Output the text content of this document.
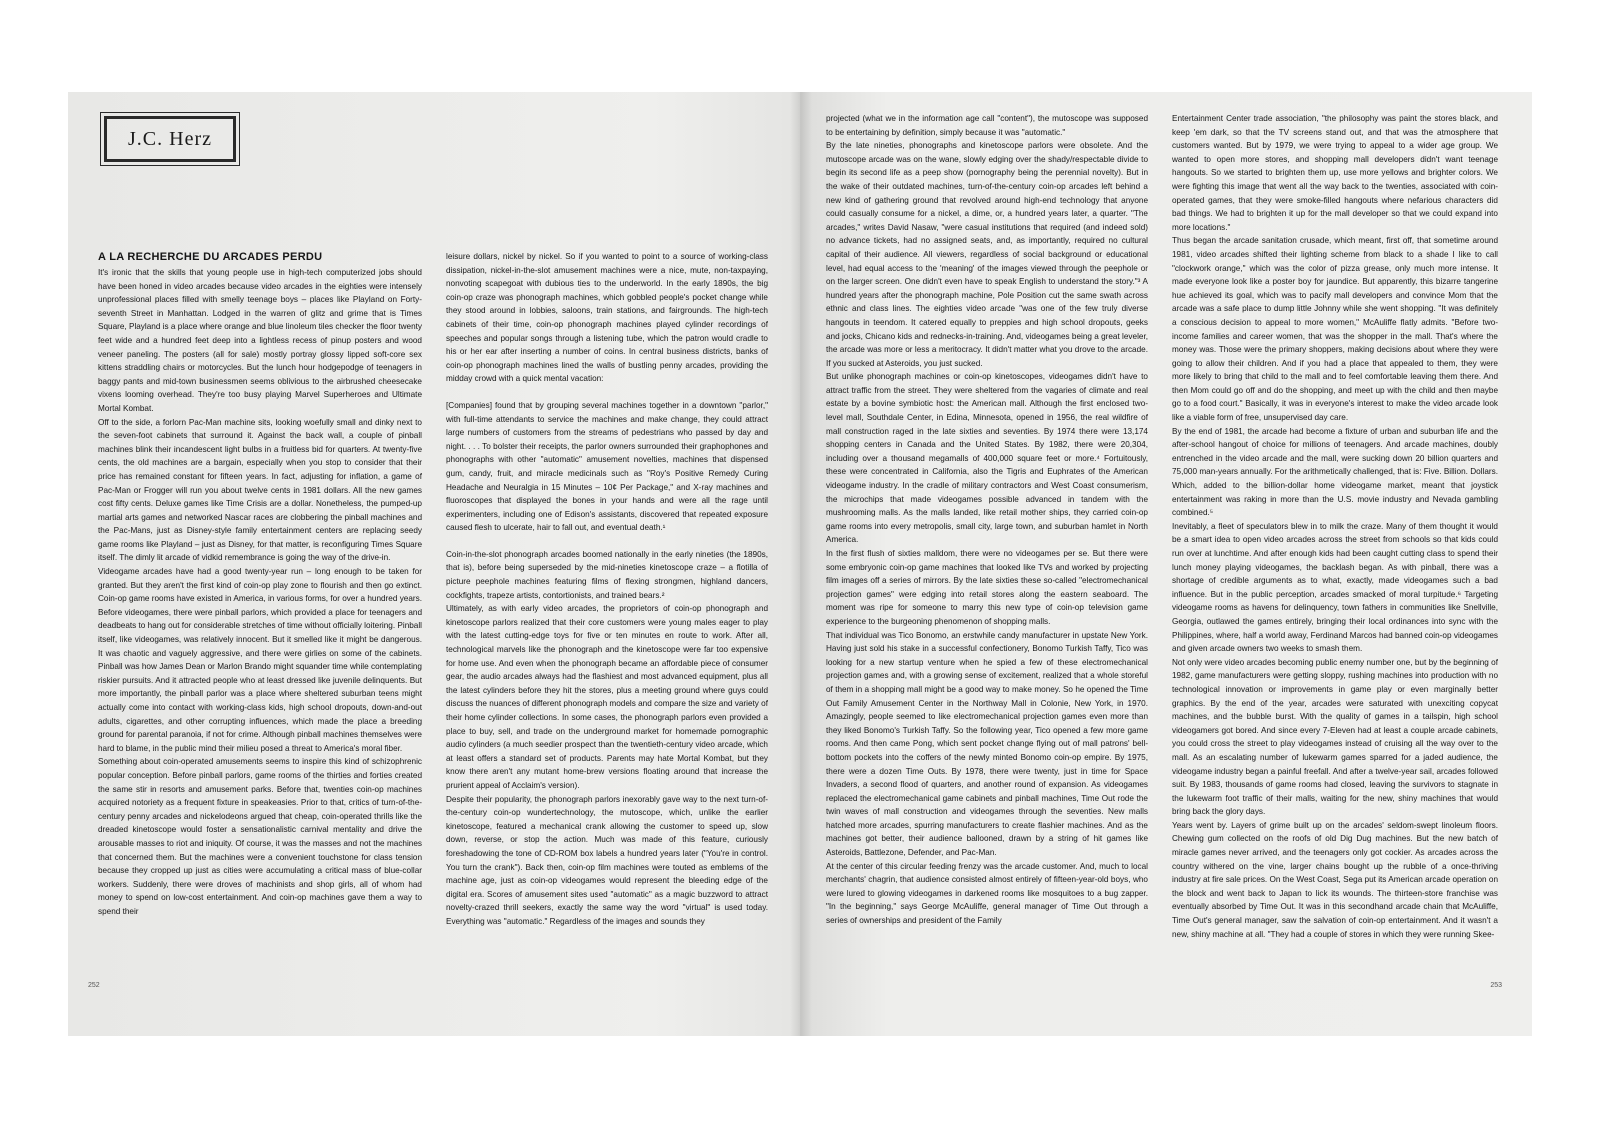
J.C. Herz
A LA RECHERCHE DU ARCADES PERDU

It's ironic that the skills that young people use in high-tech computerized jobs should have been honed in video arcades because video arcades in the eighties were intensely unprofessional places filled with smelly teenage boys – places like Playland on Forty-seventh Street in Manhattan. Lodged in the warren of glitz and grime that is Times Square, Playland is a place where orange and blue linoleum tiles checker the floor twenty feet wide and a hundred feet deep into a lightless recess of pinup posters and wood veneer paneling. The posters (all for sale) mostly portray glossy lipped soft-core sex kittens straddling chairs or motorcycles. But the lunch hour hodgepodge of teenagers in baggy pants and mid-town businessmen seems oblivious to the airbrushed cheesecake vixens looming overhead. They're too busy playing Marvel Superheroes and Ultimate Mortal Kombat.

Off to the side, a forlorn Pac-Man machine sits, looking woefully small and dinky next to the seven-foot cabinets that surround it. Against the back wall, a couple of pinball machines blink their incandescent light bulbs in a fruitless bid for quarters. At twenty-five cents, the old machines are a bargain, especially when you stop to consider that their price has remained constant for fifteen years. In fact, adjusting for inflation, a game of Pac-Man or Frogger will run you about twelve cents in 1981 dollars. All the new games cost fifty cents. Deluxe games like Time Crisis are a dollar. Nonetheless, the pumped-up martial arts games and networked Nascar races are clobbering the pinball machines and the Pac-Mans, just as Disney-style family entertainment centers are replacing seedy game rooms like Playland – just as Disney, for that matter, is reconfiguring Times Square itself. The dimly lit arcade of vidkid remembrance is going the way of the drive-in.

Videogame arcades have had a good twenty-year run – long enough to be taken for granted. But they aren't the first kind of coin-op play zone to flourish and then go extinct. Coin-op game rooms have existed in America, in various forms, for over a hundred years. Before videogames, there were pinball parlors, which provided a place for teenagers and deadbeats to hang out for considerable stretches of time without officially loitering. Pinball itself, like videogames, was relatively innocent. But it smelled like it might be dangerous. It was chaotic and vaguely aggressive, and there were girlies on some of the cabinets. Pinball was how James Dean or Marlon Brando might squander time while contemplating riskier pursuits. And it attracted people who at least dressed like juvenile delinquents. But more importantly, the pinball parlor was a place where sheltered suburban teens might actually come into contact with working-class kids, high school dropouts, down-and-out adults, cigarettes, and other corrupting influences, which made the place a breeding ground for parental paranoia, if not for crime. Although pinball machines themselves were hard to blame, in the public mind their milieu posed a threat to America's moral fiber.

Something about coin-operated amusements seems to inspire this kind of schizophrenic popular conception. Before pinball parlors, game rooms of the thirties and forties created the same stir in resorts and amusement parks. Before that, twenties coin-op machines acquired notoriety as a frequent fixture in speakeasies. Prior to that, critics of turn-of-the-century penny arcades and nickelodeons argued that cheap, coin-operated thrills like the dreaded kinetoscope would foster a sensationalistic carnival mentality and drive the arousable masses to riot and iniquity. Of course, it was the masses and not the machines that concerned them. But the machines were a convenient touchstone for class tension because they cropped up just as cities were accumulating a critical mass of blue-collar workers. Suddenly, there were droves of machinists and shop girls, all of whom had money to spend on low-cost entertainment. And coin-op machines gave them a way to spend their

leisure dollars, nickel by nickel. So if you wanted to point to a source of working-class dissipation, nickel-in-the-slot amusement machines were a nice, mute, non-taxpaying, nonvoting scapegoat with dubious ties to the underworld. In the early 1890s, the big coin-op craze was phonograph machines, which gobbled people's pocket change while they stood around in lobbies, saloons, train stations, and fairgrounds. The high-tech cabinets of their time, coin-op phonograph machines played cylinder recordings of speeches and popular songs through a listening tube, which the patron would cradle to his or her ear after inserting a number of coins. In central business districts, banks of coin-op phonograph machines lined the walls of bustling penny arcades, providing the midday crowd with a quick mental vacation:

[Companies] found that by grouping several machines together in a downtown "parlor," with full-time attendants to service the machines and make change, they could attract large numbers of customers from the streams of pedestrians who passed by day and night. . . . To bolster their receipts, the parlor owners surrounded their graphophones and phonographs with other "automatic" amusement novelties, machines that dispensed gum, candy, fruit, and miracle medicinals such as "Roy's Positive Remedy Curing Headache and Neuralgia in 15 Minutes – 10¢ Per Package," and X-ray machines and fluoroscopes that displayed the bones in your hands and were all the rage until experimenters, including one of Edison's assistants, discovered that repeated exposure caused flesh to ulcerate, hair to fall out, and eventual death.¹

Coin-in-the-slot phonograph arcades boomed nationally in the early nineties (the 1890s, that is), before being superseded by the mid-nineties kinetoscope craze – a flotilla of picture peephole machines featuring films of flexing strongmen, highland dancers, cockfights, trapeze artists, contortionists, and trained bears.²

Ultimately, as with early video arcades, the proprietors of coin-op phonograph and kinetoscope parlors realized that their core customers were young males eager to play with the latest cutting-edge toys for five or ten minutes en route to work. After all, technological marvels like the phonograph and the kinetoscope were far too expensive for home use. And even when the phonograph became an affordable piece of consumer gear, the audio arcades always had the flashiest and most advanced equipment, plus all the latest cylinders before they hit the stores, plus a meeting ground where guys could discuss the nuances of different phonograph models and compare the size and variety of their home cylinder collections. In some cases, the phonograph parlors even provided a place to buy, sell, and trade on the underground market for homemade pornographic audio cylinders (a much seedier prospect than the twentieth-century video arcade, which at least offers a standard set of products. Parents may hate Mortal Kombat, but they know there aren't any mutant home-brew versions floating around that increase the prurient appeal of Acclaim's version).

Despite their popularity, the phonograph parlors inexorably gave way to the next turn-of-the-century coin-op wundertechnology, the mutoscope, which, unlike the earlier kinetoscope, featured a mechanical crank allowing the customer to speed up, slow down, reverse, or stop the action. Much was made of this feature, curiously foreshadowing the tone of CD-ROM box labels a hundred years later ("You're in control. You turn the crank"). Back then, coin-op film machines were touted as emblems of the machine age, just as coin-op videogames would represent the bleeding edge of the digital era. Scores of amusement sites used "automatic" as a magic buzzword to attract novelty-crazed thrill seekers, exactly the same way the word "virtual" is used today. Everything was "automatic." Regardless of the images and sounds they

252

projected (what we in the information age call "content"), the mutoscope was supposed to be entertaining by definition, simply because it was "automatic."

By the late nineties, phonographs and kinetoscope parlors were obsolete. And the mutoscope arcade was on the wane, slowly edging over the shady/respectable divide to begin its second life as a peep show (pornography being the perennial novelty). But in the wake of their outdated machines, turn-of-the-century coin-op arcades left behind a new kind of gathering ground that revolved around high-end technology that anyone could casually consume for a nickel, a dime, or, a hundred years later, a quarter. "The arcades," writes David Nasaw, "were casual institutions that required (and indeed sold) no advance tickets, had no assigned seats, and, as importantly, required no cultural capital of their audience. All viewers, regardless of social background or educational level, had equal access to the 'meaning' of the images viewed through the peephole or on the larger screen. One didn't even have to speak English to understand the story."³ A hundred years after the phonograph machine, Pole Position cut the same swath across ethnic and class lines. The eighties video arcade "was one of the few truly diverse hangouts in teendom. It catered equally to preppies and high school dropouts, geeks and jocks, Chicano kids and rednecks-in-training. And, videogames being a great leveler, the arcade was more or less a meritocracy. It didn't matter what you drove to the arcade. If you sucked at Asteroids, you just sucked.

But unlike phonograph machines or coin-op kinetoscopes, videogames didn't have to attract traffic from the street. They were sheltered from the vagaries of climate and real estate by a bovine symbiotic host: the American mall. Although the first enclosed two-level mall, Southdale Center, in Edina, Minnesota, opened in 1956, the real wildfire of mall construction raged in the late sixties and seventies. By 1974 there were 13,174 shopping centers in Canada and the United States. By 1982, there were 20,304, including over a thousand megamalls of 400,000 square feet or more.⁴ Fortuitously, these were concentrated in California, also the Tigris and Euphrates of the American videogame industry. In the cradle of military contractors and West Coast consumerism, the microchips that made videogames possible advanced in tandem with the mushrooming malls. As the malls landed, like retail mother ships, they carried coin-op game rooms into every metropolis, small city, large town, and suburban hamlet in North America.

In the first flush of sixties malldom, there were no videogames per se. But there were some embryonic coin-op game machines that looked like TVs and worked by projecting film images off a series of mirrors. By the late sixties these so-called "electromechanical projection games" were edging into retail stores along the eastern seaboard. The moment was ripe for someone to marry this new type of coin-op television game experience to the burgeoning phenomenon of shopping malls.

That individual was Tico Bonomo, an erstwhile candy manufacturer in upstate New York. Having just sold his stake in a successful confectionery, Bonomo Turkish Taffy, Tico was looking for a new startup venture when he spied a few of these electromechanical projection games and, with a growing sense of excitement, realized that a whole storeful of them in a shopping mall might be a good way to make money. So he opened the Time Out Family Amusement Center in the Northway Mall in Colonie, New York, in 1970. Amazingly, people seemed to like electromechanical projection games even more than they liked Bonomo's Turkish Taffy. So the following year, Tico opened a few more game rooms. And then came Pong, which sent pocket change flying out of mall patrons' bell-bottom pockets into the coffers of the newly minted Bonomo coin-op empire. By 1975, there were a dozen Time Outs. By 1978, there were twenty, just in time for Space Invaders, a second flood of quarters, and another round of expansion. As videogames replaced the electromechanical game cabinets and pinball machines, Time Out rode the twin waves of mall construction and videogames through the seventies. New malls hatched more arcades, spurring manufacturers to create flashier machines. And as the machines got better, their audience ballooned, drawn by a string of hit games like Asteroids, Battlezone, Defender, and Pac-Man.

At the center of this circular feeding frenzy was the arcade customer. And, much to local merchants' chagrin, that audience consisted almost entirely of fifteen-year-old boys, who were lured to glowing videogames in darkened rooms like mosquitoes to a bug zapper. "In the beginning," says George McAuliffe, general manager of Time Out through a series of ownerships and president of the Family

Entertainment Center trade association, "the philosophy was paint the stores black, and keep 'em dark, so that the TV screens stand out, and that was the atmosphere that customers wanted. But by 1979, we were trying to appeal to a wider age group. We wanted to open more stores, and shopping mall developers didn't want teenage hangouts. So we started to brighten them up, use more yellows and brighter colors. We were fighting this image that went all the way back to the twenties, associated with coin-operated games, that they were smoke-filled hangouts where nefarious characters did bad things. We had to brighten it up for the mall developer so that we could expand into more locations."

Thus began the arcade sanitation crusade, which meant, first off, that sometime around 1981, video arcades shifted their lighting scheme from black to a shade I like to call "clockwork orange," which was the color of pizza grease, only much more intense. It made everyone look like a poster boy for jaundice. But apparently, this bizarre tangerine hue achieved its goal, which was to pacify mall developers and convince Mom that the arcade was a safe place to dump little Johnny while she went shopping. "It was definitely a conscious decision to appeal to more women," McAuliffe flatly admits. "Before two-income families and career women, that was the shopper in the mall. That's where the money was. Those were the primary shoppers, making decisions about where they were going to allow their children. And if you had a place that appealed to them, they were more likely to bring that child to the mall and to feel comfortable leaving them there. And then Mom could go off and do the shopping, and meet up with the child and then maybe go to a food court." Basically, it was in everyone's interest to make the video arcade look like a viable form of free, unsupervised day care.

By the end of 1981, the arcade had become a fixture of urban and suburban life and the after-school hangout of choice for millions of teenagers. And arcade machines, doubly entrenched in the video arcade and the mall, were sucking down 20 billion quarters and 75,000 man-years annually. For the arithmetically challenged, that is: Five. Billion. Dollars. Which, added to the billion-dollar home videogame market, meant that joystick entertainment was raking in more than the U.S. movie industry and Nevada gambling combined.⁵

Inevitably, a fleet of speculators blew in to milk the craze. Many of them thought it would be a smart idea to open video arcades across the street from schools so that kids could run over at lunchtime. And after enough kids had been caught cutting class to spend their lunch money playing videogames, the backlash began. As with pinball, there was a shortage of credible arguments as to what, exactly, made videogames such a bad influence. But in the public perception, arcades smacked of moral turpitude.⁶ Targeting videogame rooms as havens for delinquency, town fathers in communities like Snellville, Georgia, outlawed the games entirely, bringing their local ordinances into sync with the Philippines, where, half a world away, Ferdinand Marcos had banned coin-op videogames and given arcade owners two weeks to smash them.

Not only were video arcades becoming public enemy number one, but by the beginning of 1982, game manufacturers were getting sloppy, rushing machines into production with no technological innovation or improvements in game play or even marginally better graphics. By the end of the year, arcades were saturated with unexciting copycat machines, and the bubble burst. With the quality of games in a tailspin, high school videogamers got bored. And since every 7-Eleven had at least a couple arcade cabinets, you could cross the street to play videogames instead of cruising all the way over to the mall. As an escalating number of lukewarm games sparred for a jaded audience, the videogame industry began a painful freefall. And after a twelve-year sail, arcades followed suit. By 1983, thousands of game rooms had closed, leaving the survivors to stagnate in the lukewarm foot traffic of their malls, waiting for the new, shiny machines that would bring back the glory days.

Years went by. Layers of grime built up on the arcades' seldom-swept linoleum floors. Chewing gum collected on the roofs of old Dig Dug machines. But the new batch of miracle games never arrived, and the teenagers only got cockier. As arcades across the country withered on the vine, larger chains bought up the rubble of a once-thriving industry at fire sale prices. On the West Coast, Sega put its American arcade operation on the block and went back to Japan to lick its wounds. The thirteen-store franchise was eventually absorbed by Time Out. It was in this secondhand arcade chain that McAuliffe, Time Out's general manager, saw the salvation of coin-op entertainment. And it wasn't a new, shiny machine at all. "They had a couple of stores in which they were running Skee-

253
